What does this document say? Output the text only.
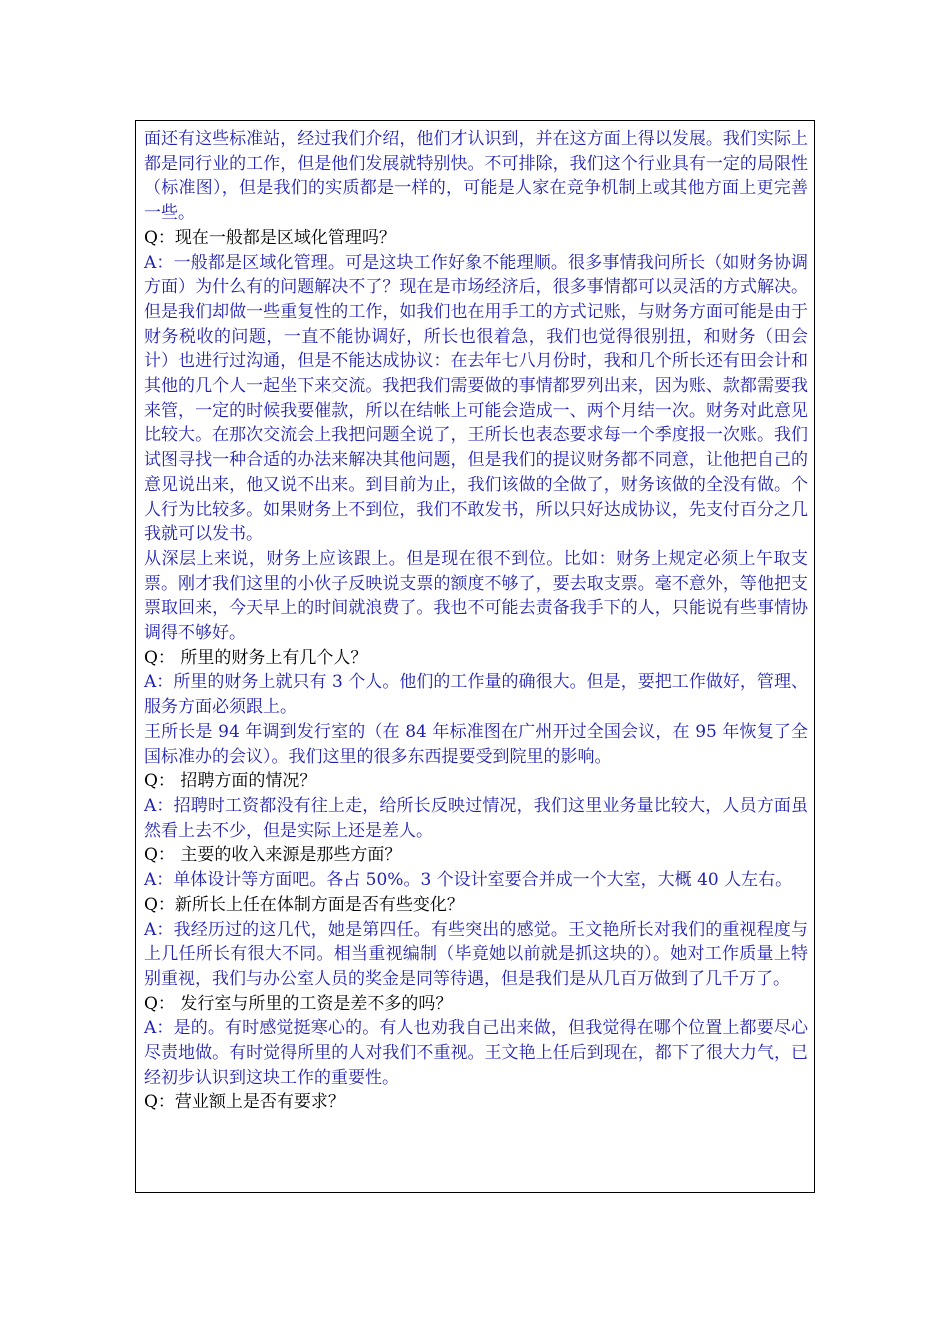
面还有这些标准站，经过我们介绍，他们才认识到，并在这方面上得以发展。我们实际上都是同行业的工作，但是他们发展就特别快。不可排除，我们这个行业具有一定的局限性（标准图），但是我们的实质都是一样的，可能是人家在竞争机制上或其他方面上更完善一些。

Q：现在一般都是区域化管理吗？

A：一般都是区域化管理。可是这块工作好象不能理顺。很多事情我问所长（如财务协调方面）为什么有的问题解决不了？现在是市场经济后，很多事情都可以灵活的方式解决。但是我们却做一些重复性的工作，如我们也在用手工的方式记账，与财务方面可能是由于财务税收的问题，一直不能协调好，所长也很着急，我们也觉得很别扭，和财务（田会计）也进行过沟通，但是不能达成协议：在去年七八月份时，我和几个所长还有田会计和其他的几个人一起坐下来交流。我把我们需要做的事情都罗列出来，因为账、款都需要我来管，一定的时候我要催款，所以在结帐上可能会造成一、两个月结一次。财务对此意见比较大。在那次交流会上我把问题全说了，王所长也表态要求每一个季度报一次账。我们试图寻找一种合适的办法来解决其他问题，但是我们的提议财务都不同意，让他把自己的意见说出来，他又说不出来。到目前为止，我们该做的全做了，财务该做的全没有做。个人行为比较多。如果财务上不到位，我们不敢发书，所以只好达成协议，先支付百分之几我就可以发书。

从深层上来说，财务上应该跟上。但是现在很不到位。比如：财务上规定必须上午取支票。刚才我们这里的小伙子反映说支票的额度不够了，要去取支票。毫不意外，等他把支票取回来，今天早上的时间就浪费了。我也不可能去责备我手下的人，只能说有些事情协调得不够好。

Q： 所里的财务上有几个人？

A：所里的财务上就只有 3 个人。他们的工作量的确很大。但是，要把工作做好，管理、服务方面必须跟上。

王所长是 94 年调到发行室的（在 84 年标准图在广州开过全国会议，在 95 年恢复了全国标准办的会议）。我们这里的很多东西提要受到院里的影响。

Q： 招聘方面的情况？

A：招聘时工资都没有往上走，给所长反映过情况，我们这里业务量比较大，人员方面虽然看上去不少，但是实际上还是差人。

Q： 主要的收入来源是那些方面？

A：单体设计等方面吧。各占 50%。3 个设计室要合并成一个大室，大概 40 人左右。

Q：新所长上任在体制方面是否有些变化？

A：我经历过的这几代，她是第四任。有些突出的感觉。王文艳所长对我们的重视程度与上几任所长有很大不同。相当重视编制（毕竟她以前就是抓这块的）。她对工作质量上特别重视，我们与办公室人员的奖金是同等待遇，但是我们是从几百万做到了几千万了。

Q： 发行室与所里的工资是差不多的吗？

A：是的。有时感觉挺寒心的。有人也劝我自己出来做，但我觉得在哪个位置上都要尽心尽责地做。有时觉得所里的人对我们不重视。王文艳上任后到现在，都下了很大力气，已经初步认识到这块工作的重要性。

Q：营业额上是否有要求？
